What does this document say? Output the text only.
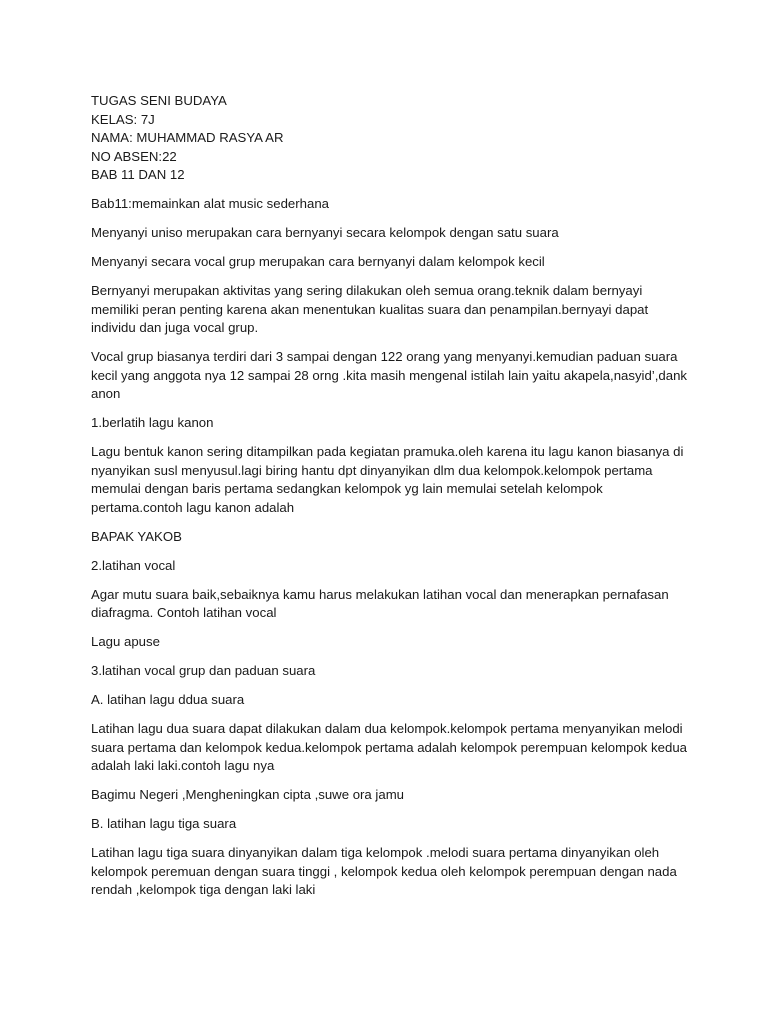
TUGAS SENI BUDAYA

KELAS: 7J

NAMA: MUHAMMAD RASYA AR

NO ABSEN:22

BAB 11 DAN 12

Bab11:memainkan alat music sederhana

Menyanyi uniso merupakan cara bernyanyi secara kelompok dengan satu suara

Menyanyi secara vocal grup merupakan cara bernyanyi dalam kelompok kecil

Bernyanyi merupakan aktivitas yang sering dilakukan oleh semua orang.teknik dalam bernyayi memiliki peran penting karena akan menentukan kualitas suara dan penampilan.bernyayi dapat individu dan juga vocal grup.

Vocal grup biasanya terdiri dari 3 sampai dengan 122 orang yang menyanyi.kemudian paduan suara kecil yang anggota nya 12 sampai 28 orng .kita masih mengenal istilah lain yaitu akapela,nasyid’,dank anon

1.berlatih lagu kanon

Lagu bentuk kanon sering ditampilkan pada kegiatan pramuka.oleh karena itu lagu kanon biasanya di nyanyikan susl menyusul.lagi biring hantu dpt dinyanyikan dlm dua kelompok.kelompok pertama memulai dengan baris pertama sedangkan kelompok yg lain memulai setelah kelompok pertama.contoh lagu kanon adalah

BAPAK YAKOB

2.latihan vocal

Agar mutu suara baik,sebaiknya kamu harus melakukan latihan vocal dan menerapkan pernafasan diafragma. Contoh latihan vocal

Lagu apuse

3.latihan vocal grup dan paduan suara

A. latihan lagu ddua suara

Latihan lagu dua suara dapat dilakukan dalam dua kelompok.kelompok pertama menyanyikan melodi suara pertama dan kelompok kedua.kelompok pertama adalah kelompok perempuan kelompok kedua adalah laki laki.contoh lagu nya

Bagimu Negeri ,Mengheningkan cipta ,suwe ora jamu

B. latihan lagu tiga suara

Latihan lagu tiga suara dinyanyikan dalam tiga kelompok .melodi suara pertama dinyanyikan oleh kelompok peremuan dengan suara tinggi , kelompok kedua oleh kelompok perempuan dengan nada rendah ,kelompok tiga dengan laki laki
